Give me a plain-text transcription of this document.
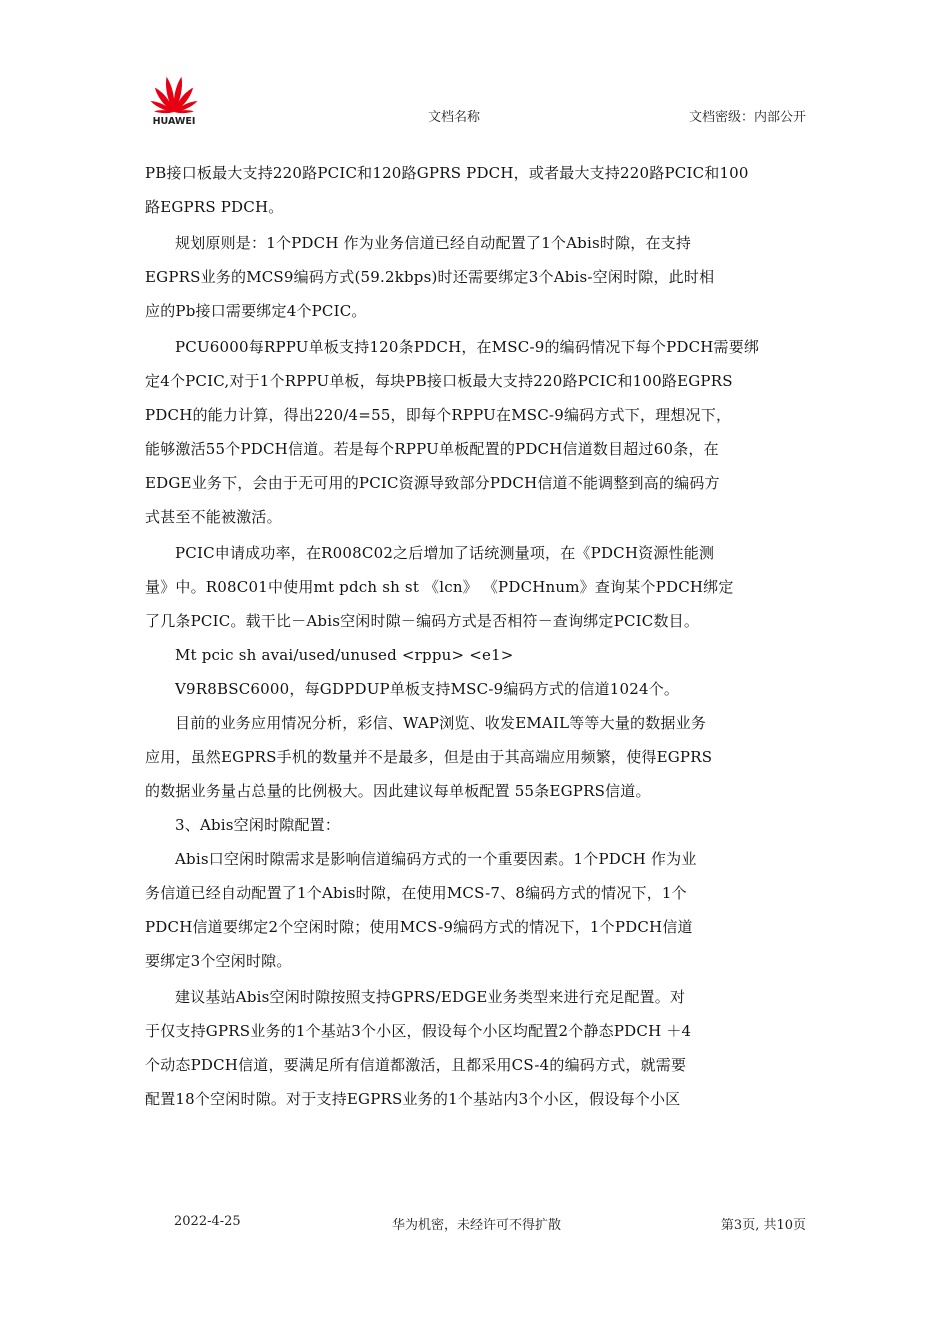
HUAWEI	文档名称	文档密级：内部公开

PB接口板最大支持220路PCIC和120路GPRS PDCH，或者最大支持220路PCIC和100

路EGPRS PDCH。

规划原则是：1个PDCH 作为业务信道已经自动配置了1个Abis时隙，在支持

EGPRS业务的MCS9编码方式(59.2kbps)时还需要绑定3个Abis-空闲时隙，此时相

应的Pb接口需要绑定4个PCIC。

PCU6000每RPPU单板支持120条PDCH，在MSC-9的编码情况下每个PDCH需要绑

定4个PCIC,对于1个RPPU单板，每块PB接口板最大支持220路PCIC和100路EGPRS

PDCH的能力计算，得出220/4=55，即每个RPPU在MSC-9编码方式下，理想况下，

能够激活55个PDCH信道。若是每个RPPU单板配置的PDCH信道数目超过60条，在

EDGE业务下，会由于无可用的PCIC资源导致部分PDCH信道不能调整到高的编码方

式甚至不能被激活。

PCIC申请成功率，在R008C02之后增加了话统测量项，在《PDCH资源性能测

量》中。R08C01中使用mt pdch sh st 《lcn》 《PDCHnum》查询某个PDCH绑定

了几条PCIC。载干比－Abis空闲时隙－编码方式是否相符－查询绑定PCIC数目。

Mt pcic sh avai/used/unused <rppu> <e1>

V9R8BSC6000，每GDPDUP单板支持MSC-9编码方式的信道1024个。

目前的业务应用情况分析，彩信、WAP浏览、收发EMAIL等等大量的数据业务

应用，虽然EGPRS手机的数量并不是最多，但是由于其高端应用频繁，使得EGPRS

的数据业务量占总量的比例极大。因此建议每单板配置 55条EGPRS信道。

3、Abis空闲时隙配置：

Abis口空闲时隙需求是影响信道编码方式的一个重要因素。1个PDCH 作为业

务信道已经自动配置了1个Abis时隙，在使用MCS-7、8编码方式的情况下，1个

PDCH信道要绑定2个空闲时隙；使用MCS-9编码方式的情况下，1个PDCH信道

要绑定3个空闲时隙。

建议基站Abis空闲时隙按照支持GPRS/EDGE业务类型来进行充足配置。对

于仅支持GPRS业务的1个基站3个小区，假设每个小区均配置2个静态PDCH ＋4

个动态PDCH信道，要满足所有信道都激活，且都采用CS-4的编码方式，就需要

配置18个空闲时隙。对于支持EGPRS业务的1个基站内3个小区，假设每个小区

2022-4-25	华为机密，未经许可不得扩散	第3页, 共10页
